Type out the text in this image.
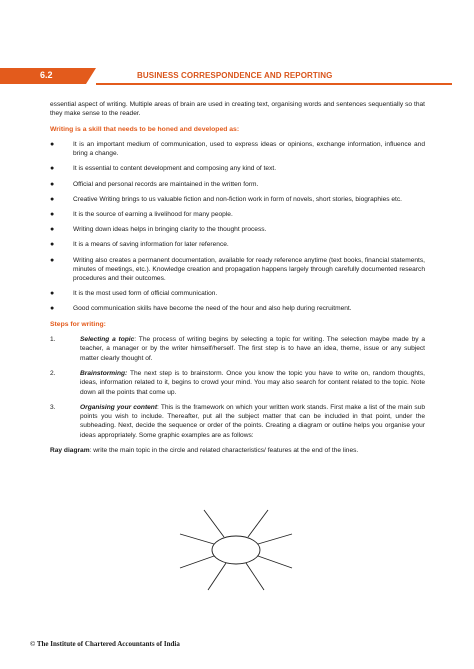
6.2	BUSINESS CORRESPONDENCE AND REPORTING

essential aspect of writing. Multiple areas of brain are used in creating text, organising words and sentences sequentially so that they make sense to the reader.

Writing is a skill that needs to be honed and developed as:

●	It is an important medium of communication, used to express ideas or opinions, exchange information, influence and bring a change.
●	It is essential to content development and composing any kind of text.
●	Official and personal records are maintained in the written form.
●	Creative Writing brings to us valuable fiction and non-fiction work in form of novels, short stories, biographies etc.
●	It is the source of earning a livelihood for many people.
●	Writing down ideas helps in bringing clarity to the thought process.
●	It is a means of saving information for later reference.
●	Writing also creates a permanent documentation, available for ready reference anytime (text books, financial statements, minutes of meetings, etc.). Knowledge creation and propagation happens largely through carefully documented research procedures and their outcomes.
●	It is the most used form of official communication.
●	Good communication skills have become the need of the hour and also help during recruitment.

Steps for writing:

1.	Selecting a topic: The process of writing begins by selecting a topic for writing. The selection maybe made by a teacher, a manager or by the writer himself/herself. The first step is to have an idea, theme, issue or any subject matter clearly thought of.
2.	Brainstorming: The next step is to brainstorm. Once you know the topic you have to write on, random thoughts, ideas, information related to it, begins to crowd your mind. You may also search for content related to the topic. Note down all the points that come up.
3.	Organising your content: This is the framework on which your written work stands. First make a list of the main sub points you wish to include. Thereafter, put all the subject matter that can be included in that point, under the subheading. Next, decide the sequence or order of the points. Creating a diagram or outline helps you organise your ideas appropriately. Some graphic examples are as follows:

Ray diagram: write the main topic in the circle and related characteristics/ features at the end of the lines.

© The Institute of Chartered Accountants of India
